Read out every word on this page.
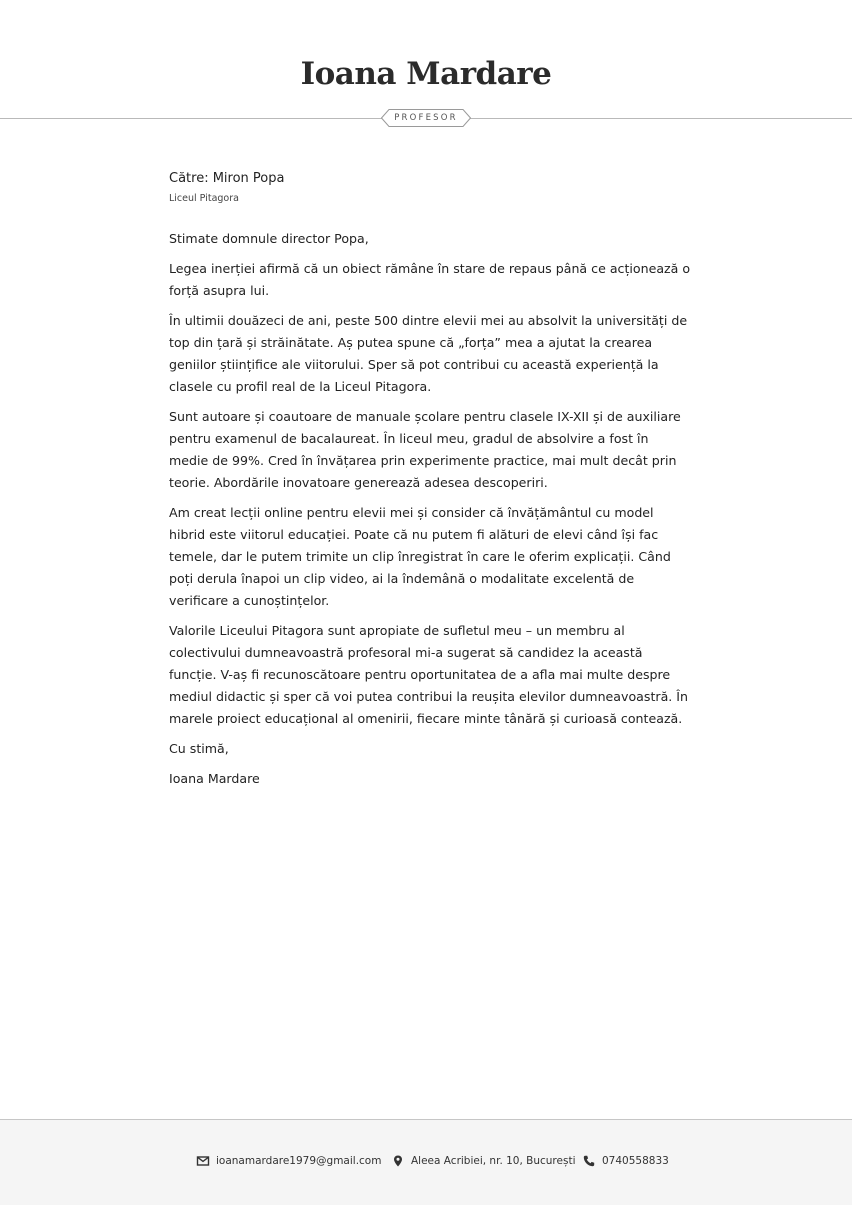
Ioana Mardare
PROFESOR
Către: Miron Popa
Liceul Pitagora

Stimate domnule director Popa,

Legea inerției afirmă că un obiect rămâne în stare de repaus până ce acționează o forță asupra lui.

În ultimii douăzeci de ani, peste 500 dintre elevii mei au absolvit la universități de top din țară și străinătate. Aș putea spune că „forța” mea a ajutat la crearea geniilor științifice ale viitorului. Sper să pot contribui cu această experiență la clasele cu profil real de la Liceul Pitagora.

Sunt autoare și coautoare de manuale școlare pentru clasele IX-XII și de auxiliare pentru examenul de bacalaureat. În liceul meu, gradul de absolvire a fost în medie de 99%. Cred în învățarea prin experimente practice, mai mult decât prin teorie. Abordările inovatoare generează adesea descoperiri.

Am creat lecții online pentru elevii mei și consider că învățământul cu model hibrid este viitorul educației. Poate că nu putem fi alături de elevi când își fac temele, dar le putem trimite un clip înregistrat în care le oferim explicații. Când poți derula înapoi un clip video, ai la îndemână o modalitate excelentă de verificare a cunoștințelor.

Valorile Liceului Pitagora sunt apropiate de sufletul meu – un membru al colectivului dumneavoastră profesoral mi-a sugerat să candidez la această funcție. V-aș fi recunoscătoare pentru oportunitatea de a afla mai multe despre mediul didactic și sper că voi putea contribui la reușita elevilor dumneavoastră. În marele proiect educațional al omenirii, fiecare minte tânără și curioasă contează.

Cu stimă,

Ioana Mardare

ioanamardare1979@gmail.com	Aleea Acribiei, nr. 10, București	0740558833
